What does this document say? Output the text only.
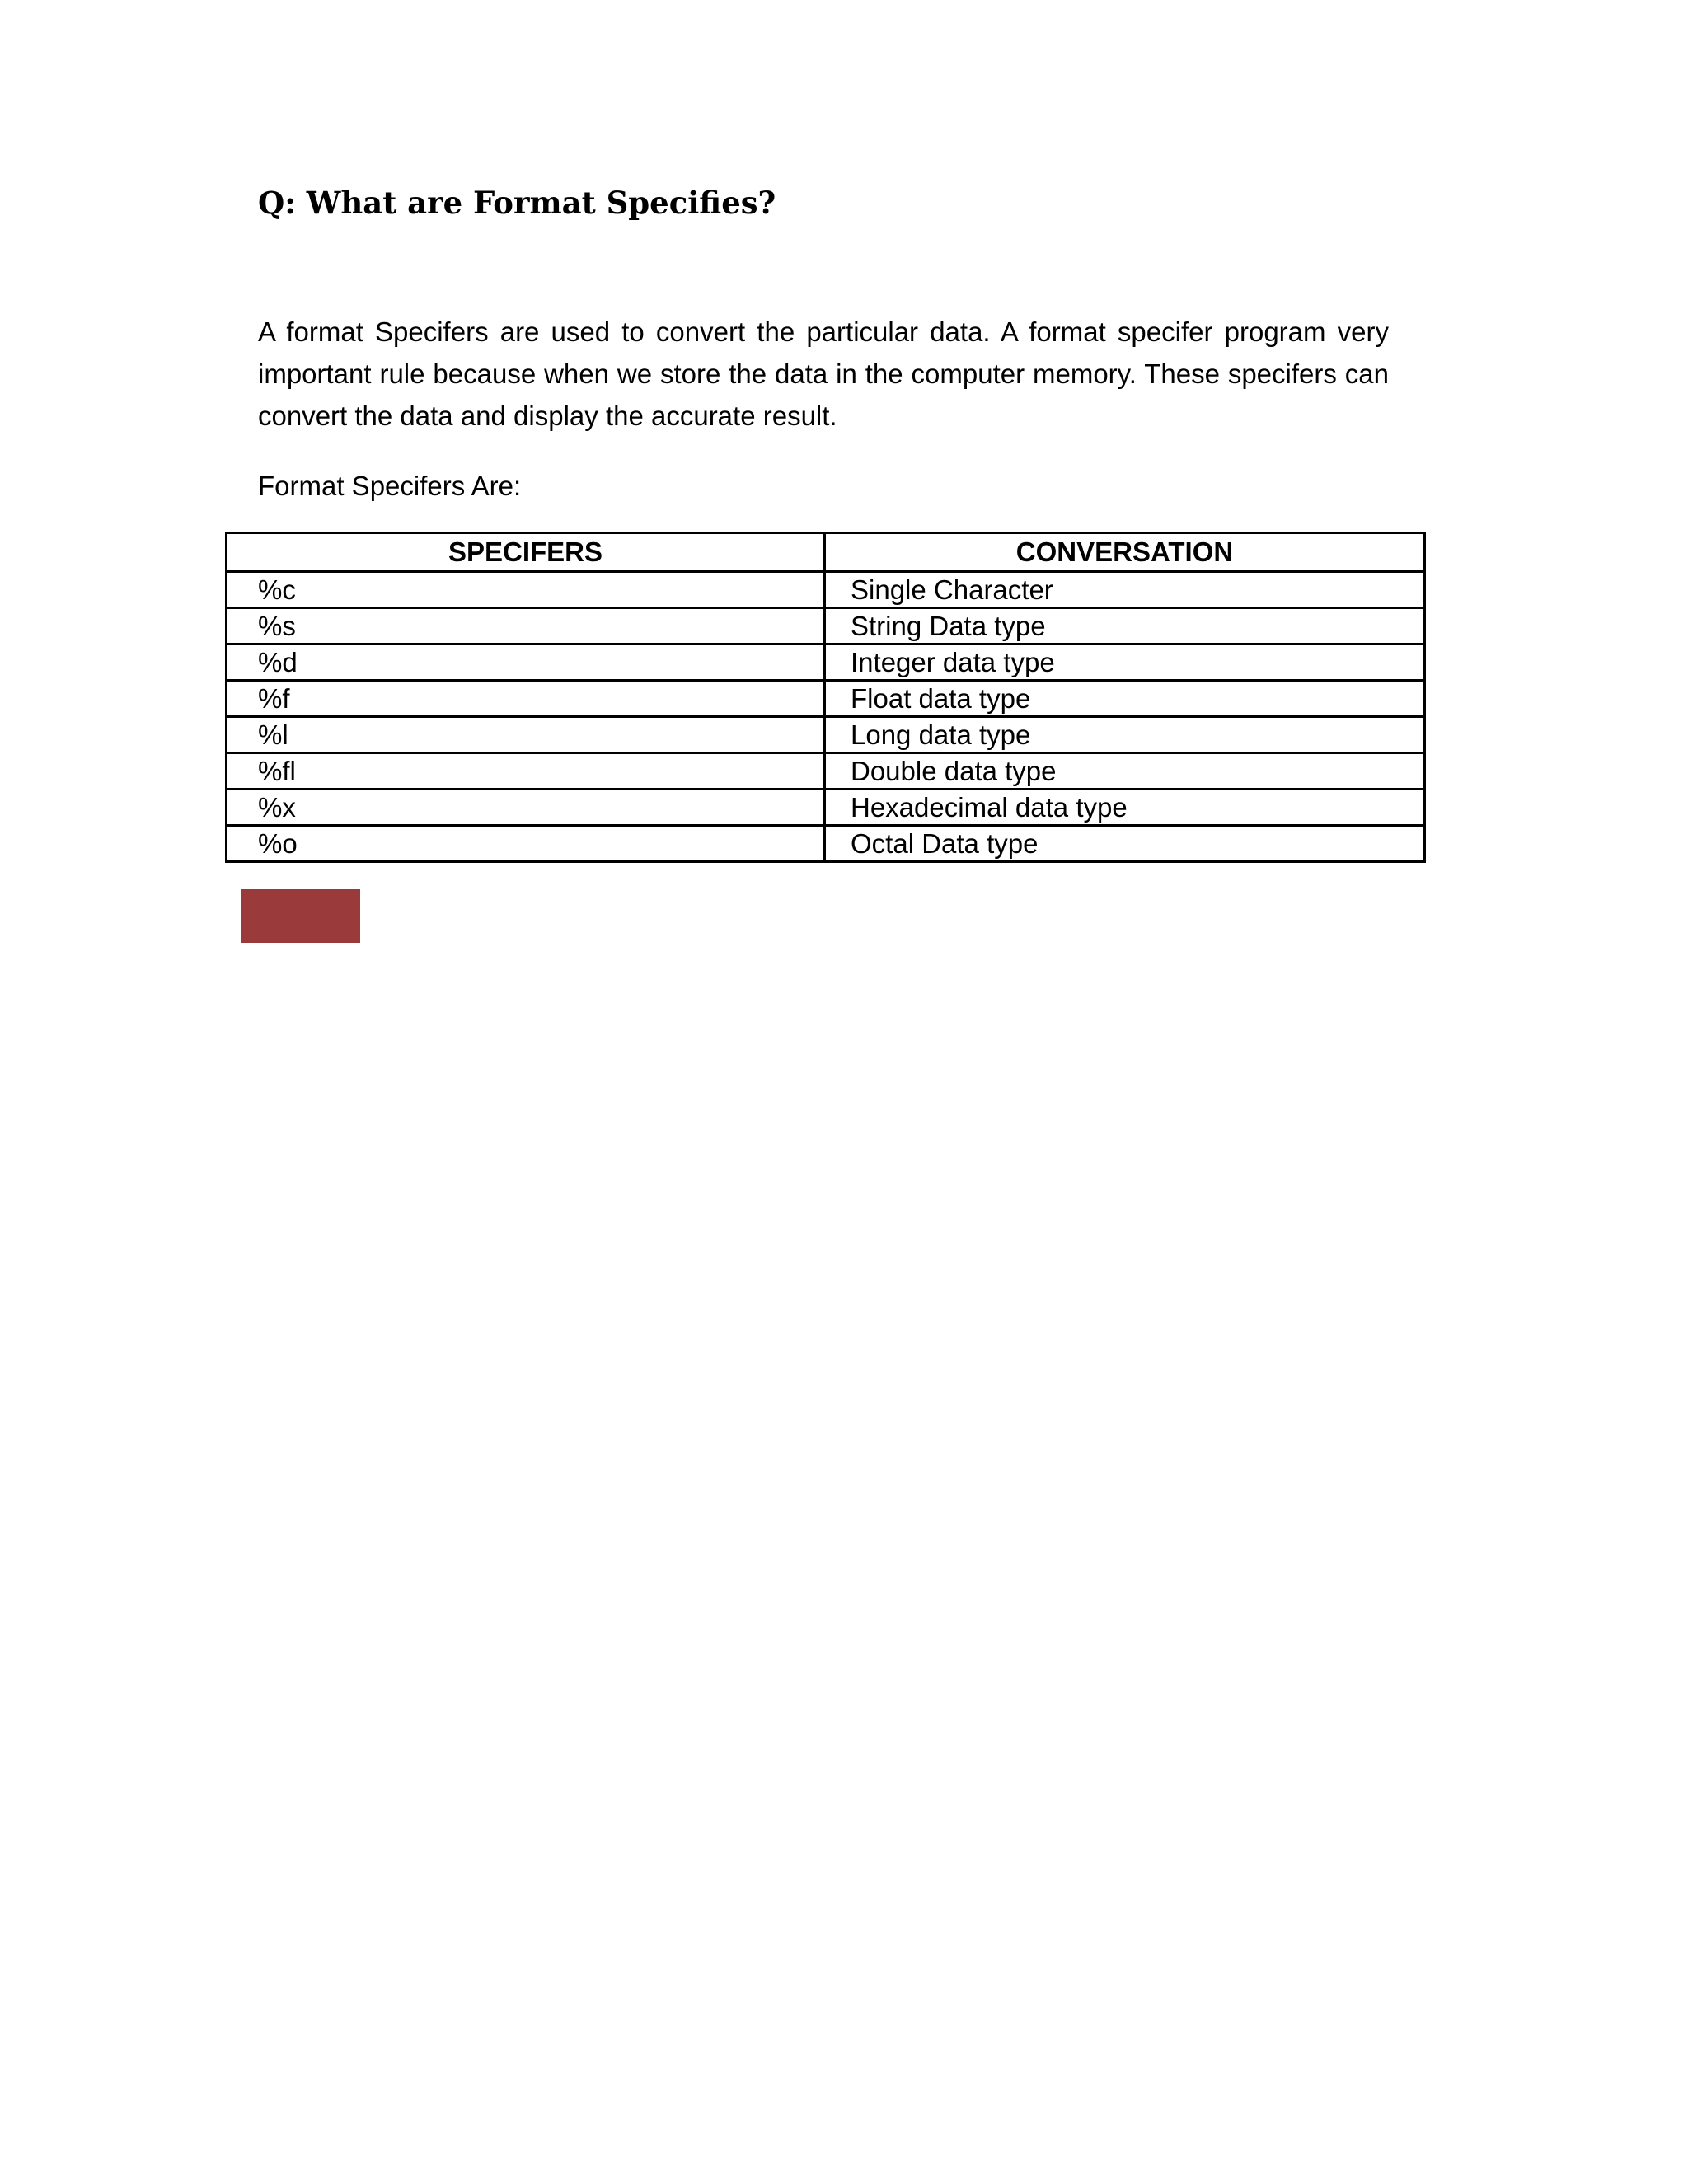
Q: What are Format Specifies?

A format Specifers are used to convert the particular data. A format specifer program very important rule because when we store the data in the computer memory. These specifers can convert the data and display the accurate result.

Format Specifers Are:

SPECIFERS	CONVERSATION
%c	Single Character
%s	String Data type
%d	Integer data type
%f	Float data type
%l	Long data type
%fl	Double data type
%x	Hexadecimal data type
%o	Octal Data type
